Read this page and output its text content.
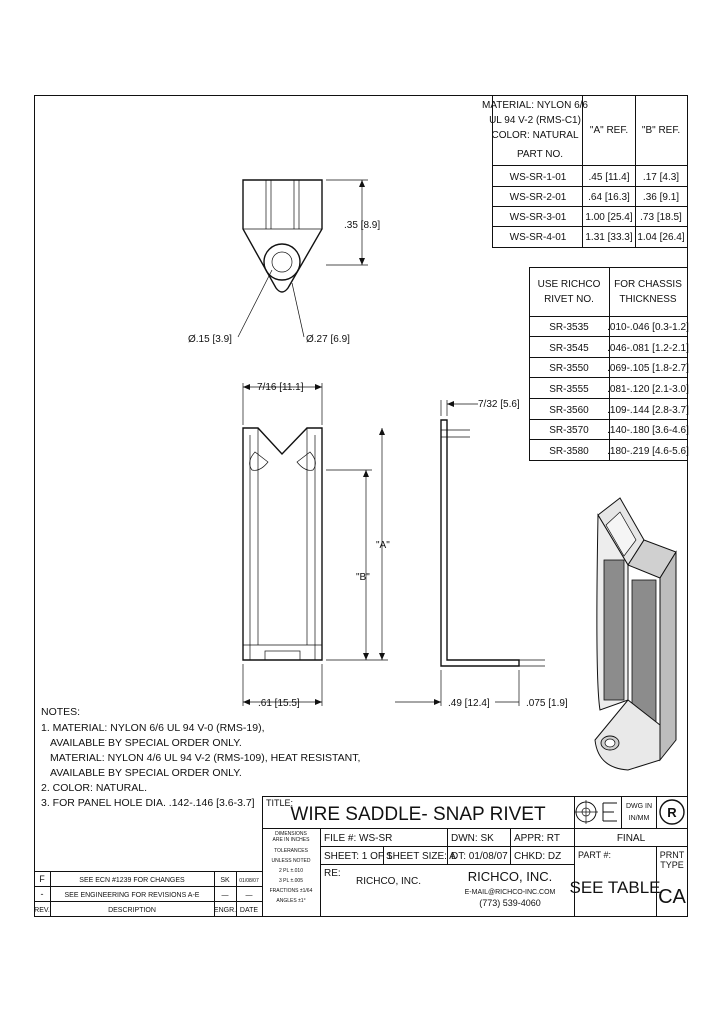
MATERIAL: NYLON 6/6
UL 94 V-2 (RMS-C1)
COLOR: NATURAL
PART NO.
"A" REF. "B" REF.
WS-SR-1-01 .45 [11.4] .17 [4.3]
WS-SR-2-01 .64 [16.3] .36 [9.1]
WS-SR-3-01 1.00 [25.4] .73 [18.5]
WS-SR-4-01 1.31 [33.3] 1.04 [26.4]
USE RICHCO
RIVET NO.
FOR CHASSIS
THICKNESS
SR-3535 .010-.046 [0.3-1.2]
SR-3545 .046-.081 [1.2-2.1]
SR-3550 .069-.105 [1.8-2.7]
SR-3555 .081-.120 [2.1-3.0]
SR-3560 .109-.144 [2.8-3.7]
SR-3570 .140-.180 [3.6-4.6]
SR-3580 .180-.219 [4.6-5.6]
.35 [8.9]
Ø.15 [3.9]	Ø.27 [6.9]
7/16 [11.1]
"A"
"B"
.61 [15.5]
7/32 [5.6]
.49 [12.4]	.075 [1.9]
NOTES:
1. MATERIAL: NYLON 6/6 UL 94 V-0 (RMS-19),
AVAILABLE BY SPECIAL ORDER ONLY.
MATERIAL: NYLON 4/6 UL 94 V-2 (RMS-109), HEAT RESISTANT,
AVAILABLE BY SPECIAL ORDER ONLY.
2. COLOR: NATURAL.
3. FOR PANEL HOLE DIA. .142-.146 [3.6-3.7] TITLE:
WIRE SADDLE- SNAP RIVET	DWG IN
IN/MM R
DIMENSIONS
ARE IN INCHES
TOLERANCES
UNLESS NOTED
2 PL ±.010
3 PL ±.005
FRACTIONS ±1/64
ANGLES ±1°
FILE #: WS-SR	DWN: SK APPR: RT	FINAL
SHEET: 1 OF 1
SHEET SIZE: A
DT: 01/08/07 CHKD: DZ PART #:	PRNT
TYPE
RE:
RICHCO, INC.	RICHCO, INC.
E-MAIL@RICHCO-INC.COM
(773) 539-4060
SEE TABLE
CA
F	SEE ECN #1239 FOR CHANGES	SK 01/08/07
-	SEE ENGINEERING FOR REVISIONS A-E	— —
REV.	DESCRIPTION	ENGR. DATE
